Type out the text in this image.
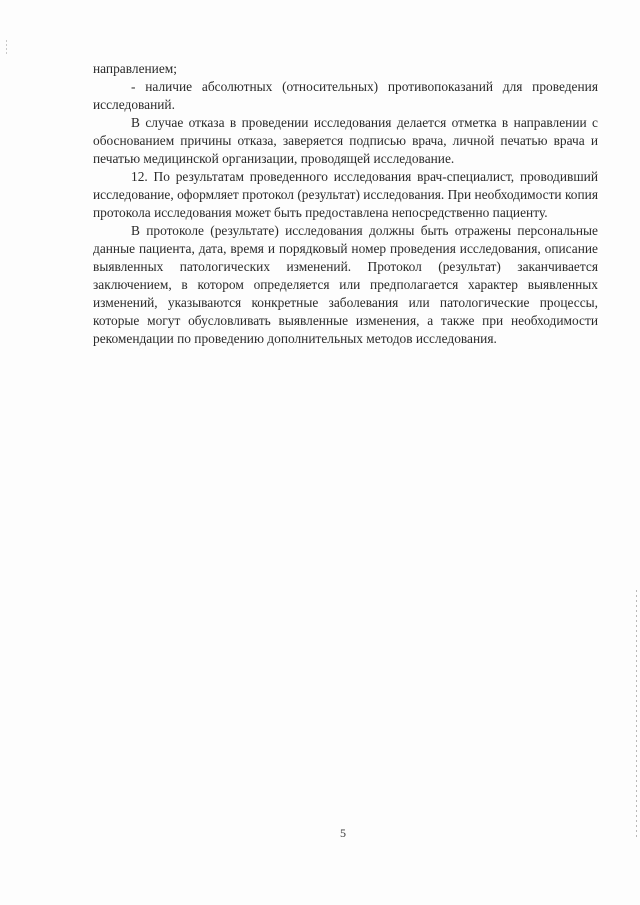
направлением;

- наличие абсолютных (относительных) противопоказаний для проведения исследований.

В случае отказа в проведении исследования делается отметка в направлении с обоснованием причины отказа, заверяется подписью врача, личной печатью врача и печатью медицинской организации, проводящей исследование.

12. По результатам проведенного исследования врач-специалист, проводивший исследование, оформляет протокол (результат) исследования. При необходимости копия протокола исследования может быть предоставлена непосредственно пациенту.

В протоколе (результате) исследования должны быть отражены персональные данные пациента, дата, время и порядковый номер проведения исследования, описание выявленных патологических изменений. Протокол (результат) заканчивается заключением, в котором определяется или предполагается характер выявленных изменений, указываются конкретные заболевания или патологические процессы, которые могут обусловливать выявленные изменения, а также при необходимости рекомендации по проведению дополнительных методов исследования.

5
